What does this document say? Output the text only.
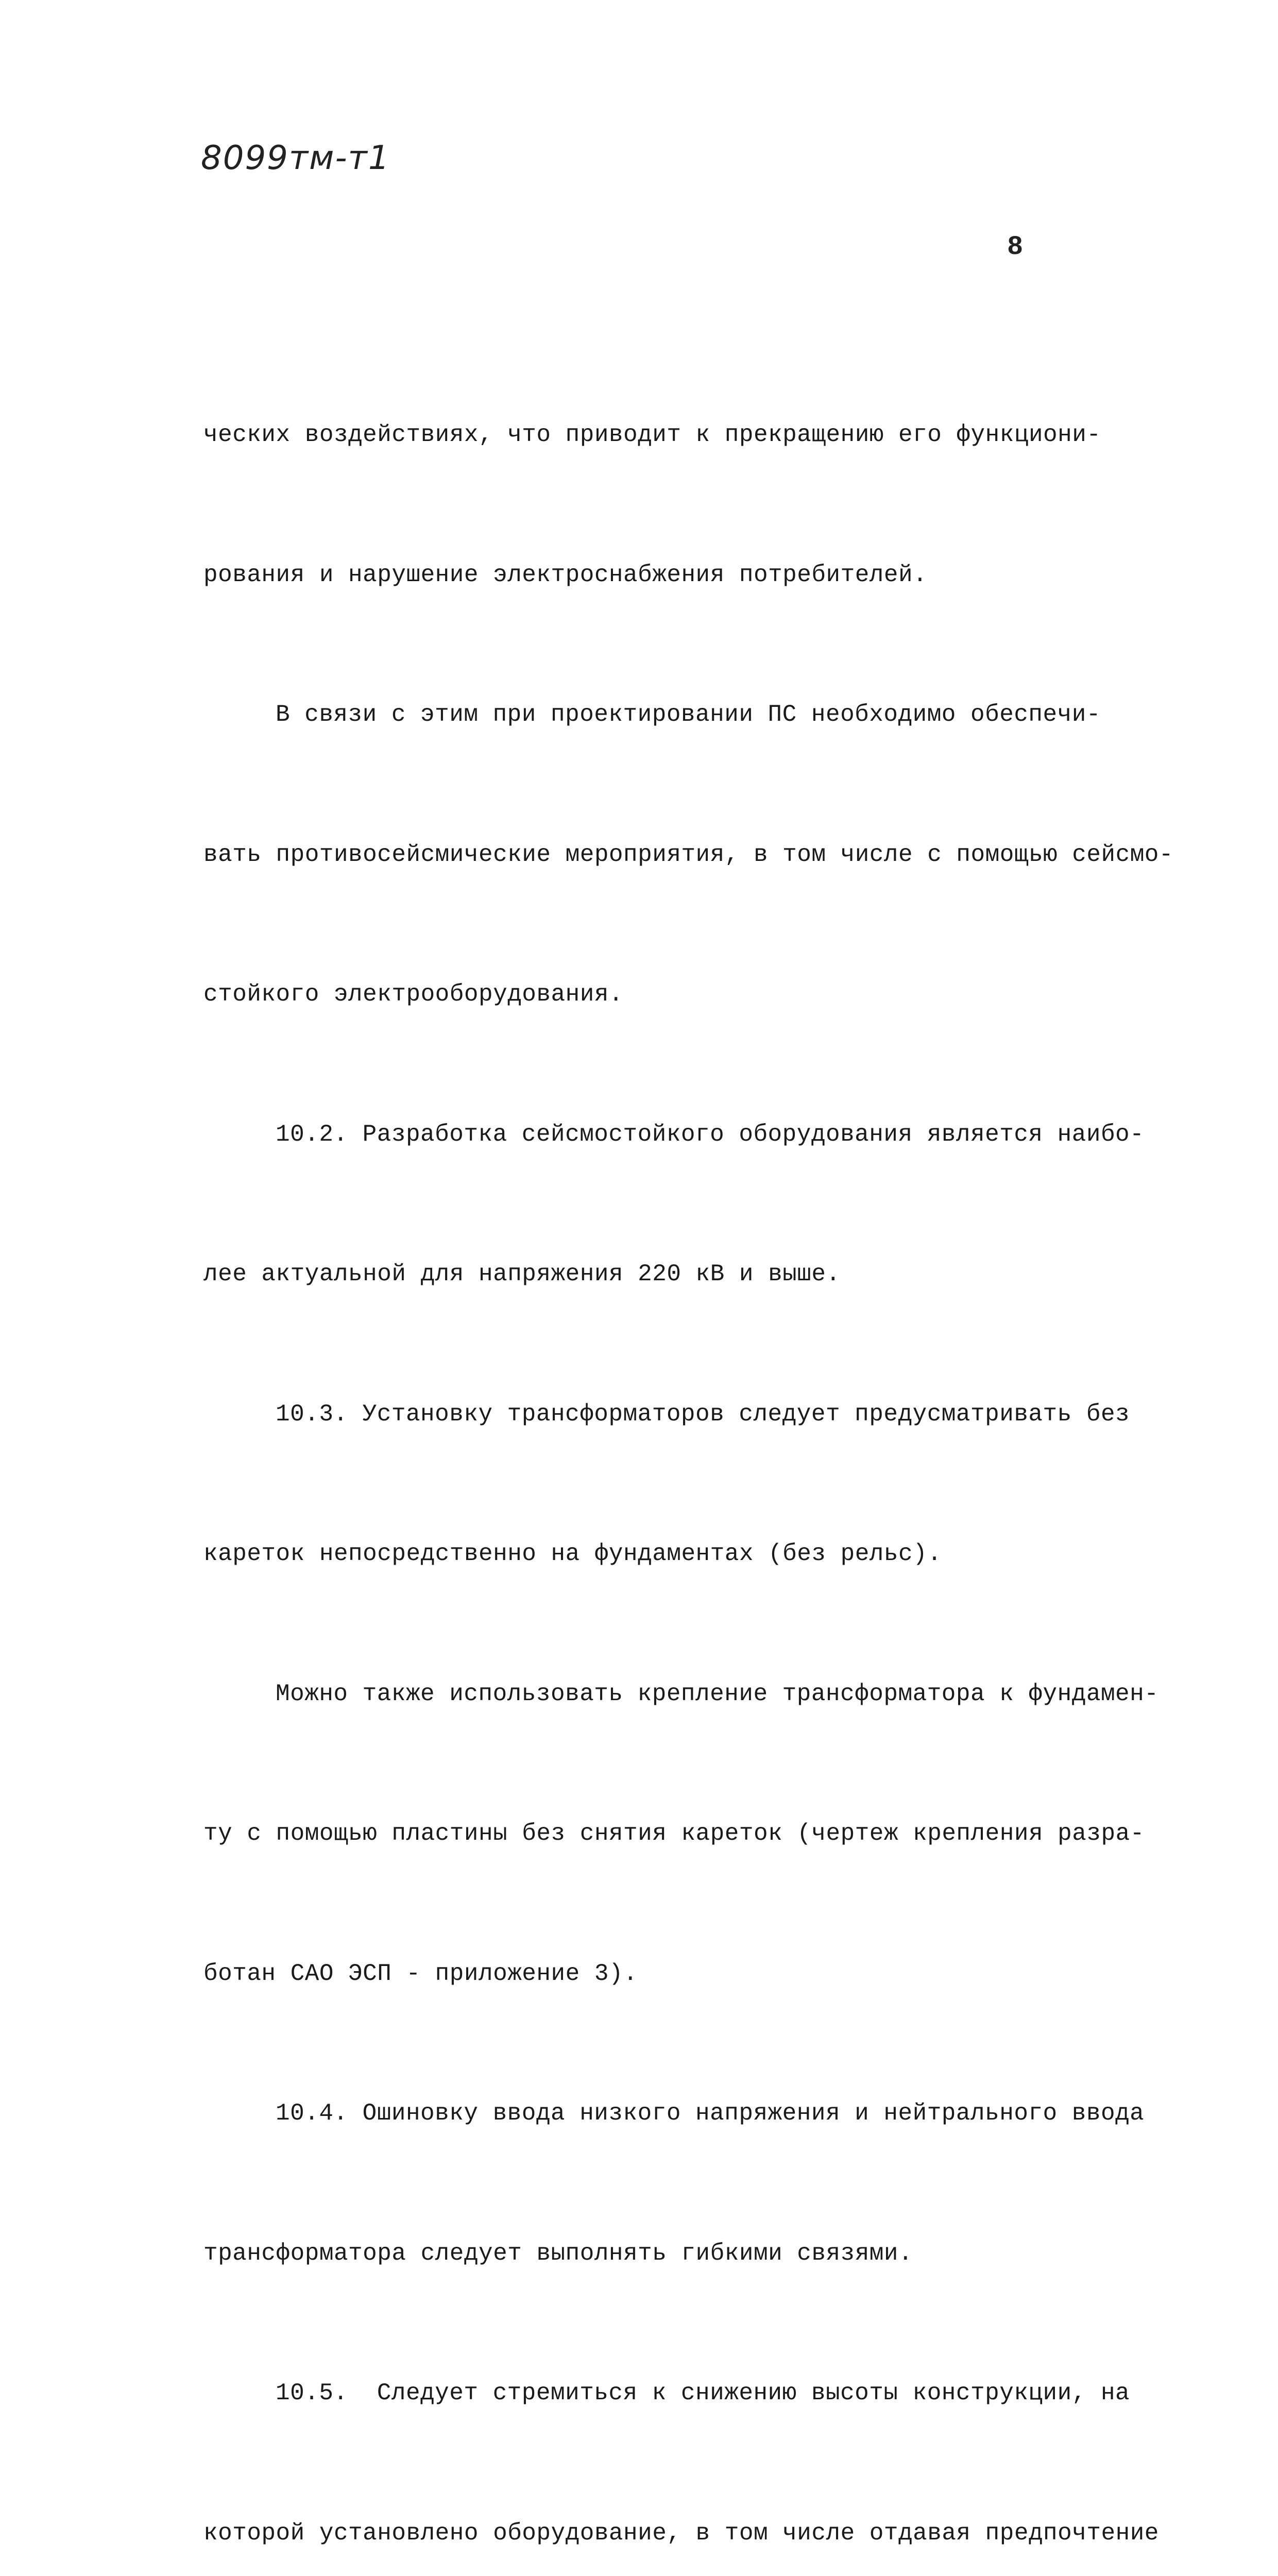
8099тм-т1
8

ческих воздействиях, что приводит к прекращению его функциони-

рования и нарушение электроснабжения потребителей.

В связи с этим при проектировании ПС необходимо обеспечи-

вать противосейсмические мероприятия, в том числе с помощью сейсмо-

стойкого электрооборудования.

10.2. Разработка сейсмостойкого оборудования является наибо-

лее актуальной для напряжения 220 кВ и выше.

10.3. Установку трансформаторов следует предусматривать без

кареток непосредственно на фундаментах (без рельс).

Можно также использовать крепление трансформатора к фундамен-

ту с помощью пластины без снятия кареток (чертеж крепления разра-

ботан САО ЭСП - приложение 3).

10.4. Ошиновку ввода низкого напряжения и нейтрального ввода

трансформатора следует выполнять гибкими связями.

10.5.  Следует стремиться к снижению высоты конструкции, на

которой установлено оборудование, в том числе отдавая предпочтение
